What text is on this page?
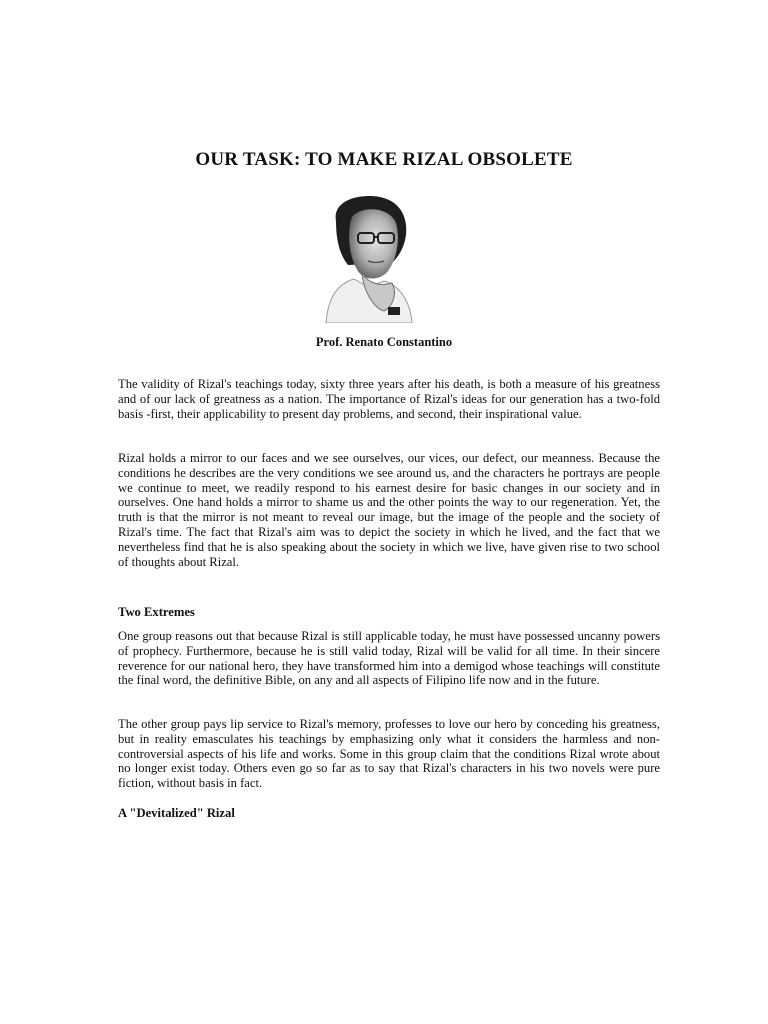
OUR TASK: TO MAKE RIZAL OBSOLETE
Prof. Renato Constantino

The validity of Rizal's teachings today, sixty three years after his death, is both a measure of his greatness and of our lack of greatness as a nation. The importance of Rizal's ideas for our generation has a two-fold basis -first, their applicability to present day problems, and second, their inspirational value.

Rizal holds a mirror to our faces and we see ourselves, our vices, our defect, our meanness. Because the conditions he describes are the very conditions we see around us, and the characters he portrays are people we continue to meet, we readily respond to his earnest desire for basic changes in our society and in ourselves. One hand holds a mirror to shame us and the other points the way to our regeneration. Yet, the truth is that the mirror is not meant to reveal our image, but the image of the people and the society of Rizal's time. The fact that Rizal's aim was to depict the society in which he lived, and the fact that we nevertheless find that he is also speaking about the society in which we live, have given rise to two school of thoughts about Rizal.

Two Extremes

One group reasons out that because Rizal is still applicable today, he must have possessed uncanny powers of prophecy. Furthermore, because he is still valid today, Rizal will be valid for all time. In their sincere reverence for our national hero, they have transformed him into a demigod whose teachings will constitute the final word, the definitive Bible, on any and all aspects of Filipino life now and in the future.

The other group pays lip service to Rizal's memory, professes to love our hero by conceding his greatness, but in reality emasculates his teachings by emphasizing only what it considers the harmless and non-controversial aspects of his life and works. Some in this group claim that the conditions Rizal wrote about no longer exist today. Others even go so far as to say that Rizal's characters in his two novels were pure fiction, without basis in fact.

A "Devitalized" Rizal
